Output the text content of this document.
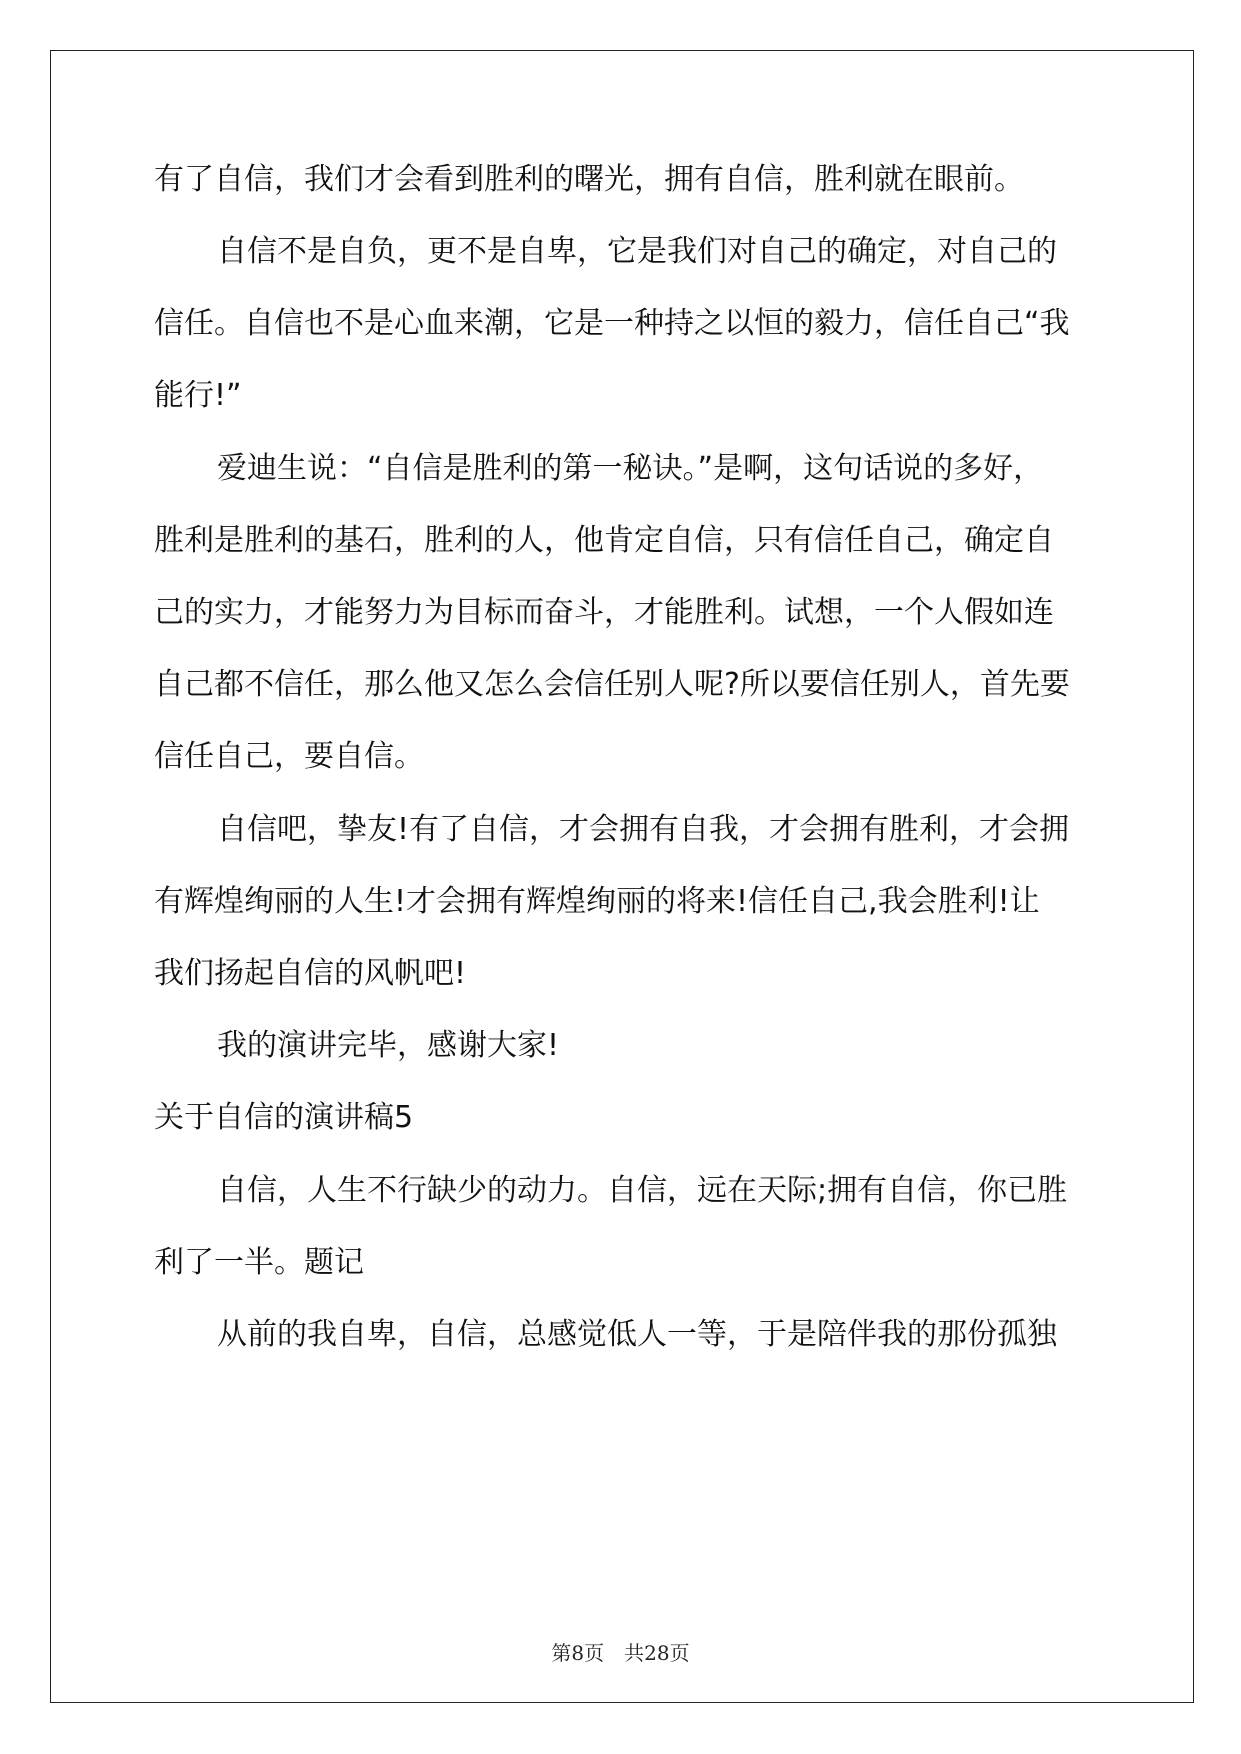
有了自信，我们才会看到胜利的曙光，拥有自信，胜利就在眼前。
自信不是自负，更不是自卑，它是我们对自己的确定，对自己的
信任。自信也不是心血来潮，它是一种持之以恒的毅力，信任自己“我
能行!”
爱迪生说：“自信是胜利的第一秘诀。”是啊，这句话说的多好，
胜利是胜利的基石，胜利的人，他肯定自信，只有信任自己，确定自
己的实力，才能努力为目标而奋斗，才能胜利。试想，一个人假如连
自己都不信任，那么他又怎么会信任别人呢?所以要信任别人，首先要
信任自己，要自信。
自信吧，挚友!有了自信，才会拥有自我，才会拥有胜利，才会拥
有辉煌绚丽的人生!才会拥有辉煌绚丽的将来!信任自己,我会胜利!让
我们扬起自信的风帆吧!
我的演讲完毕，感谢大家!
关于自信的演讲稿5
自信，人生不行缺少的动力。自信，远在天际;拥有自信，你已胜
利了一半。题记
从前的我自卑，自信，总感觉低人一等，于是陪伴我的那份孤独
第8页　共28页
